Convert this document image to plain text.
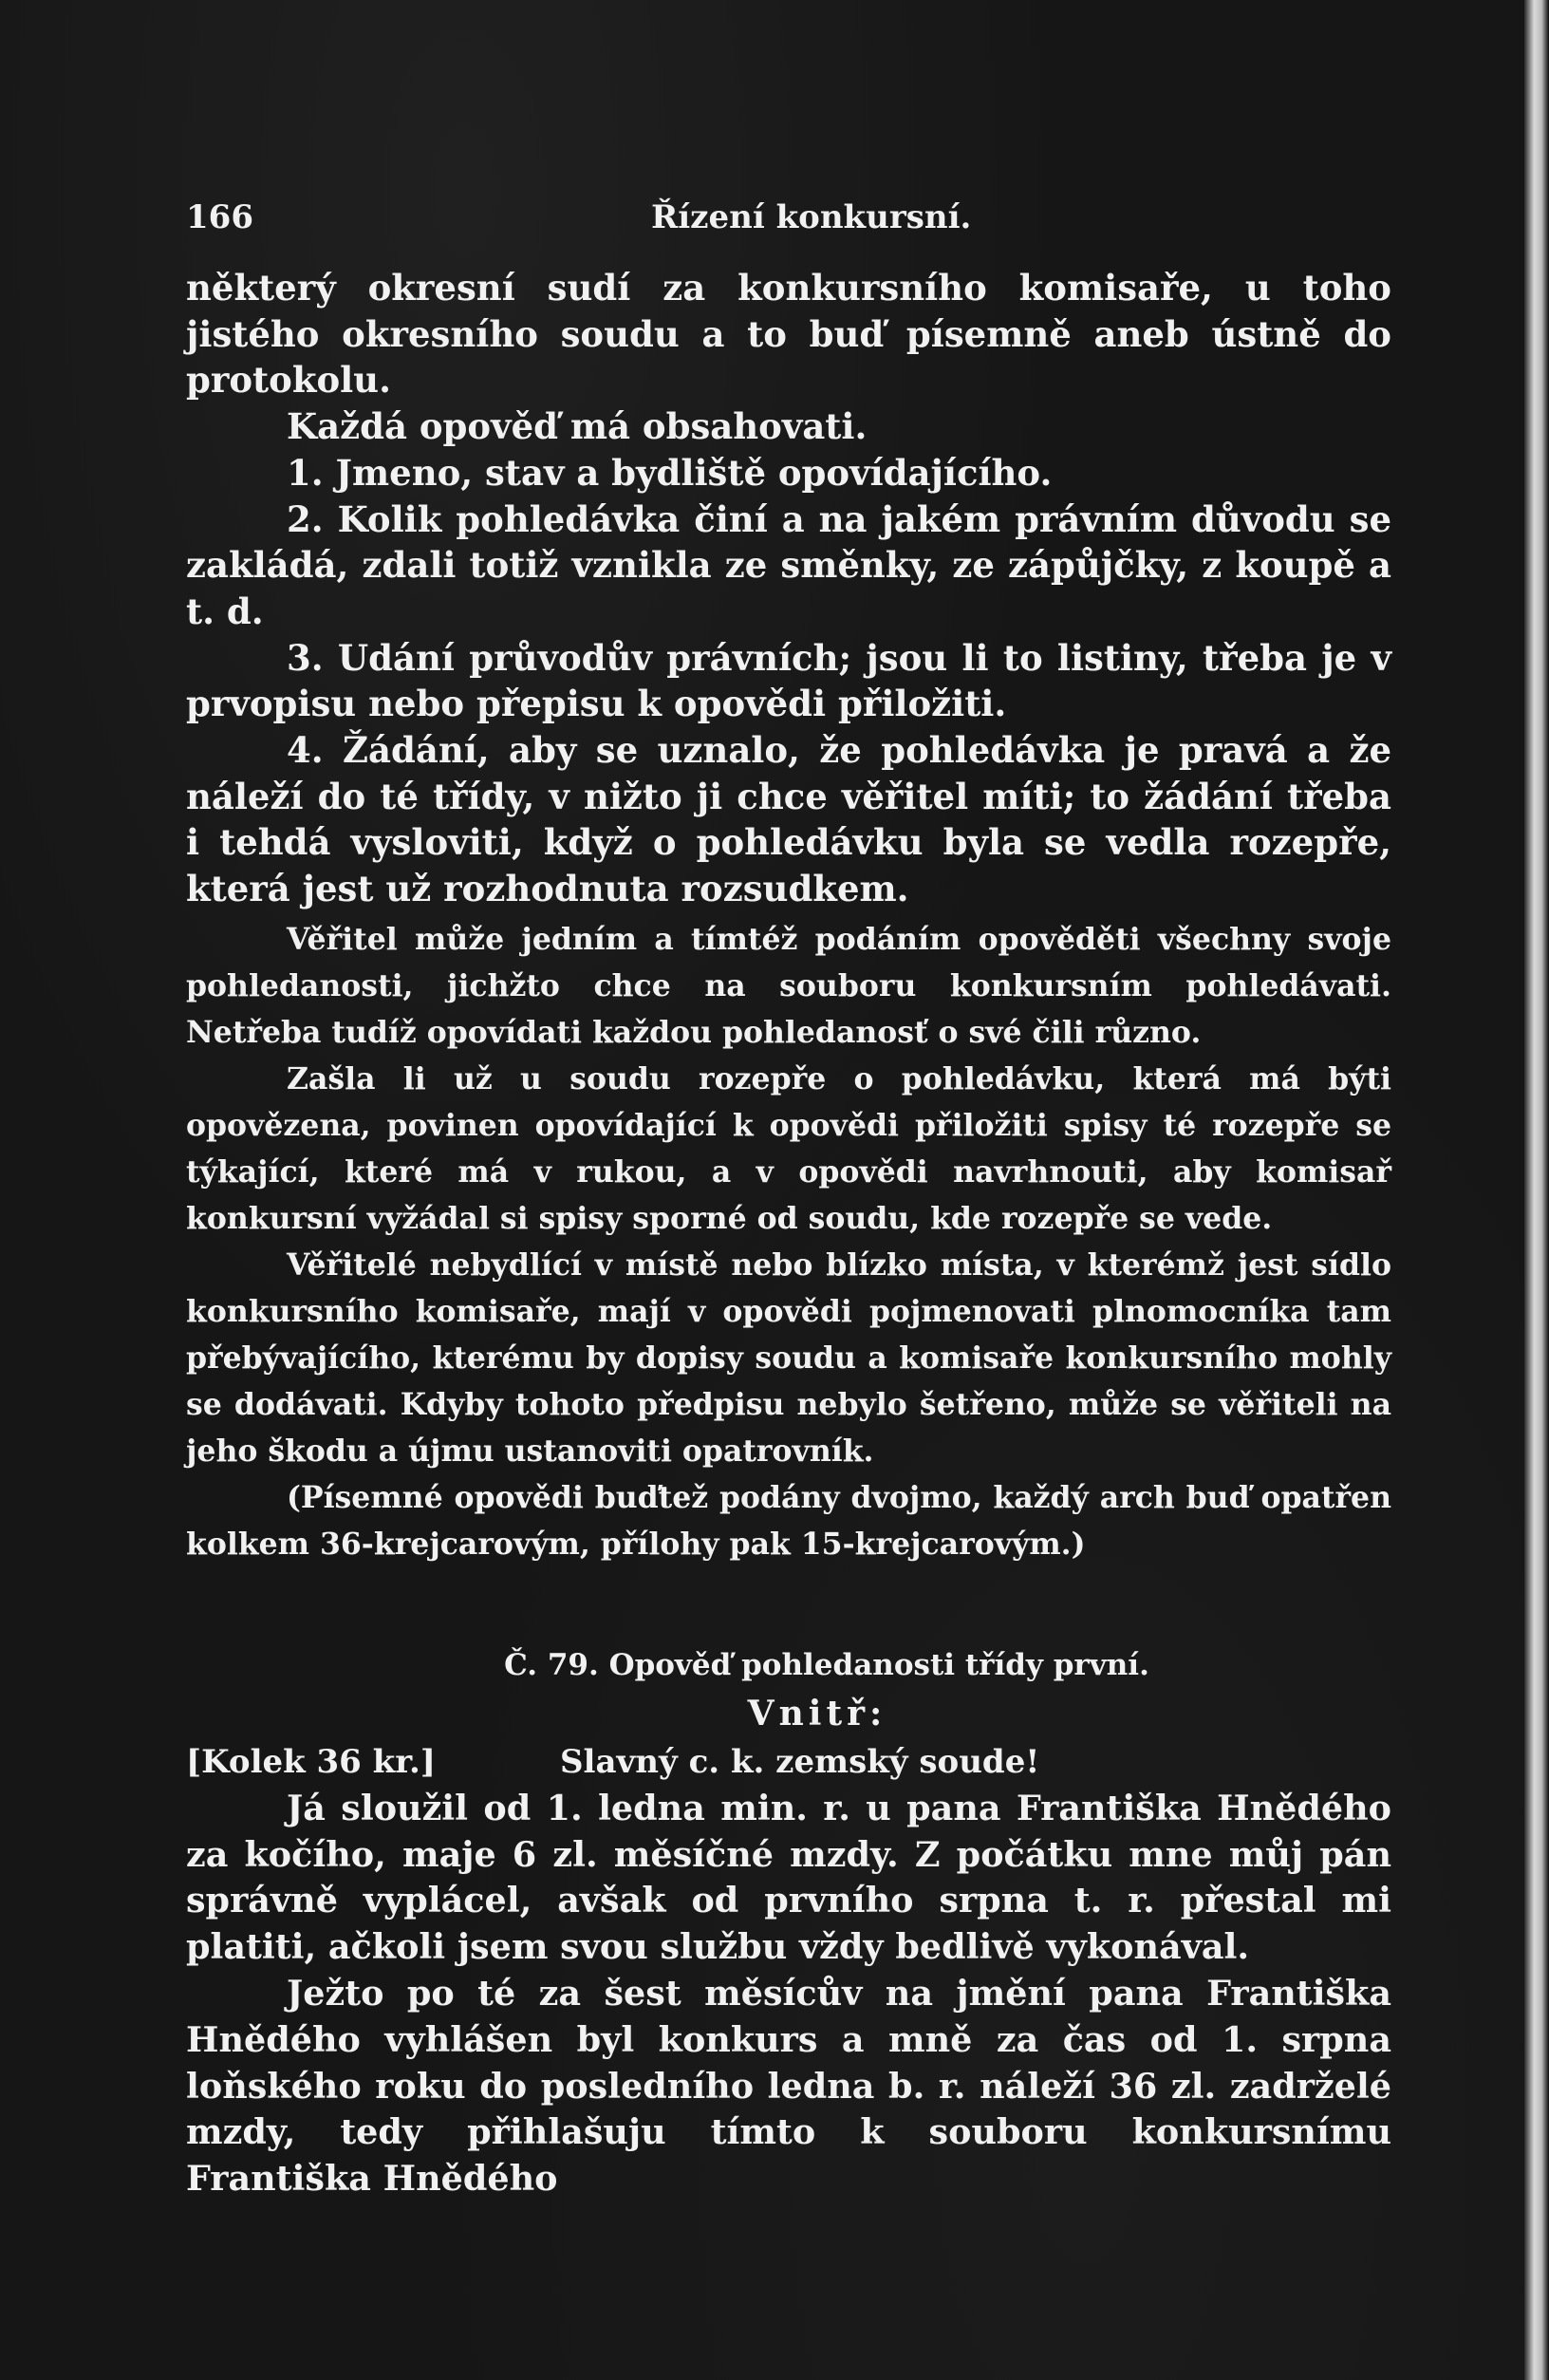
166	Řízení konkursní.

některý okresní sudí za konkursního komisaře, u toho jistého okresního soudu a to buď písemně aneb ústně do protokolu.

Každá opověď má obsahovati.

1. Jmeno, stav a bydliště opovídajícího.

2. Kolik pohledávka činí a na jakém právním důvodu se zakládá, zdali totiž vznikla ze směnky, ze zápůjčky, z koupě a t. d.

3. Udání průvodův právních; jsou li to listiny, třeba je v prvopisu nebo přepisu k opovědi přiložiti.

4. Žádání, aby se uznalo, že pohledávka je pravá a že náleží do té třídy, v nižto ji chce věřitel míti; to žádání třeba i tehdá vysloviti, když o pohledávku byla se vedla rozepře, která jest už rozhodnuta rozsudkem.

Věřitel může jedním a tímtéž podáním opověděti všechny svoje pohledanosti, jichžto chce na souboru konkursním pohledávati. Netřeba tudíž opovídati každou pohledanosť o své čili různo.

Zašla li už u soudu rozepře o pohledávku, která má býti opovězena, povinen opovídající k opovědi přiložiti spisy té rozepře se týkající, které má v rukou, a v opovědi navrhnouti, aby komisař konkursní vyžádal si spisy sporné od soudu, kde rozepře se vede.

Věřitelé nebydlící v místě nebo blízko místa, v kterémž jest sídlo konkursního komisaře, mají v opovědi pojmenovati plnomocníka tam přebývajícího, kterému by dopisy soudu a komisaře konkursního mohly se dodávati. Kdyby tohoto předpisu nebylo šetřeno, může se věřiteli na jeho škodu a újmu ustanoviti opatrovník.

(Písemné opovědi buďtež podány dvojmo, každý arch buď opatřen kolkem 36-krejcarovým, přílohy pak 15-krejcarovým.)

Č. 79. Opověď pohledanosti třídy první.
Vnitř:
[Kolek 36 kr.]	Slavný c. k. zemský soude!

Já sloužil od 1. ledna min. r. u pana Františka Hnědého za kočího, maje 6 zl. měsíčné mzdy. Z počátku mne můj pán správně vyplácel, avšak od prvního srpna t. r. přestal mi platiti, ačkoli jsem svou službu vždy bedlivě vykonával.

Ježto po té za šest měsícův na jmění pana Františka Hnědého vyhlášen byl konkurs a mně za čas od 1. srpna loňského roku do posledního ledna b. r. náleží 36 zl. zadrželé mzdy, tedy přihlašuju tímto k souboru konkursnímu Františka Hnědého
